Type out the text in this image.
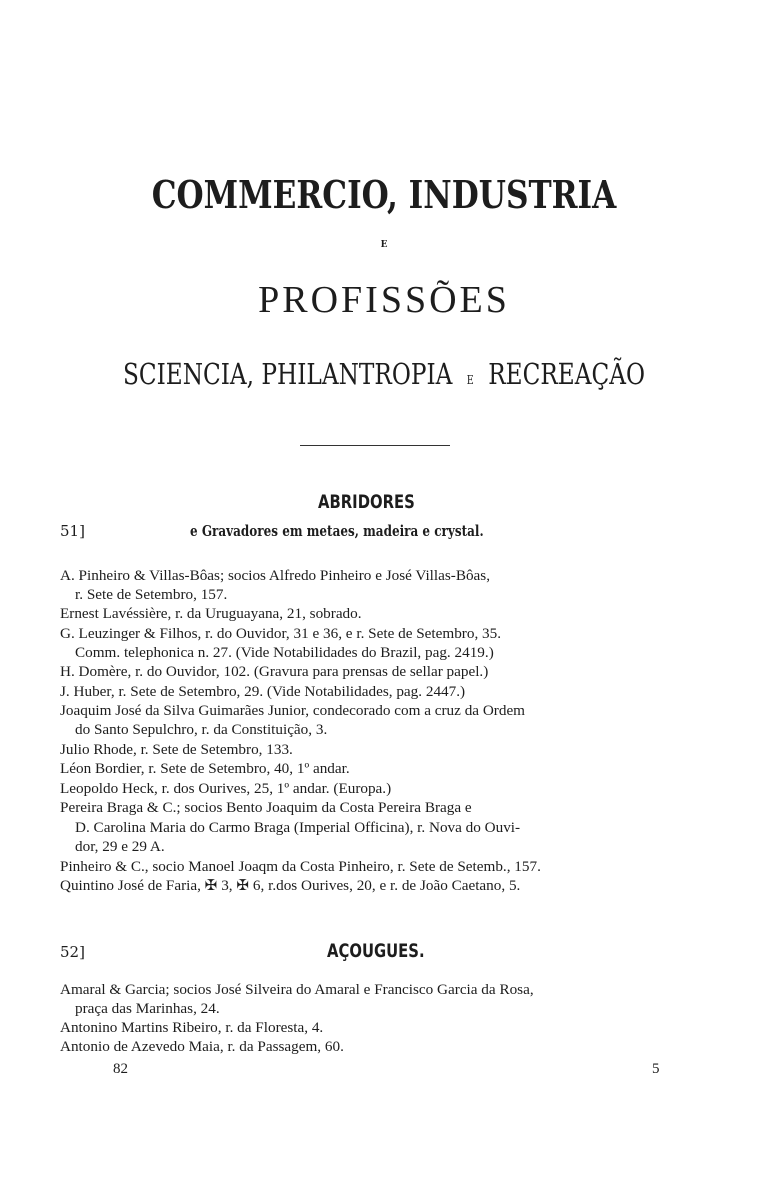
COMMERCIO, INDUSTRIA
E
PROFISSÕES
SCIENCIA, PHILANTROPIA E RECREAÇÃO
ABRIDORES
51]	e Gravadores em metaes, madeira e crystal.
A. Pinheiro & Villas-Bôas; socios Alfredo Pinheiro e José Villas-Bôas,
r. Sete de Setembro, 157.
Ernest Lavéssière, r. da Uruguayana, 21, sobrado.
G. Leuzinger & Filhos, r. do Ouvidor, 31 e 36, e r. Sete de Setembro, 35.
Comm. telephonica n. 27. (Vide Notabilidades do Brazil, pag. 2419.)
H. Domère, r. do Ouvidor, 102. (Gravura para prensas de sellar papel.)
J. Huber, r. Sete de Setembro, 29. (Vide Notabilidades, pag. 2447.)
Joaquim José da Silva Guimarães Junior, condecorado com a cruz da Ordem
do Santo Sepulchro, r. da Constituição, 3.
Julio Rhode, r. Sete de Setembro, 133.
Léon Bordier, r. Sete de Setembro, 40, 1º andar.
Leopoldo Heck, r. dos Ourives, 25, 1º andar. (Europa.)
Pereira Braga & C.; socios Bento Joaquim da Costa Pereira Braga e
D. Carolina Maria do Carmo Braga (Imperial Officina), r. Nova do Ouvi-
dor, 29 e 29 A.
Pinheiro & C., socio Manoel Joaqm da Costa Pinheiro, r. Sete de Setemb., 157.
Quintino José de Faria, ✠ 3, ✠ 6, r.dos Ourives, 20, e r. de João Caetano, 5.
52]	AÇOUGUES.
Amaral & Garcia; socios José Silveira do Amaral e Francisco Garcia da Rosa,
praça das Marinhas, 24.
Antonino Martins Ribeiro, r. da Floresta, 4.
Antonio de Azevedo Maia, r. da Passagem, 60.
82	5
